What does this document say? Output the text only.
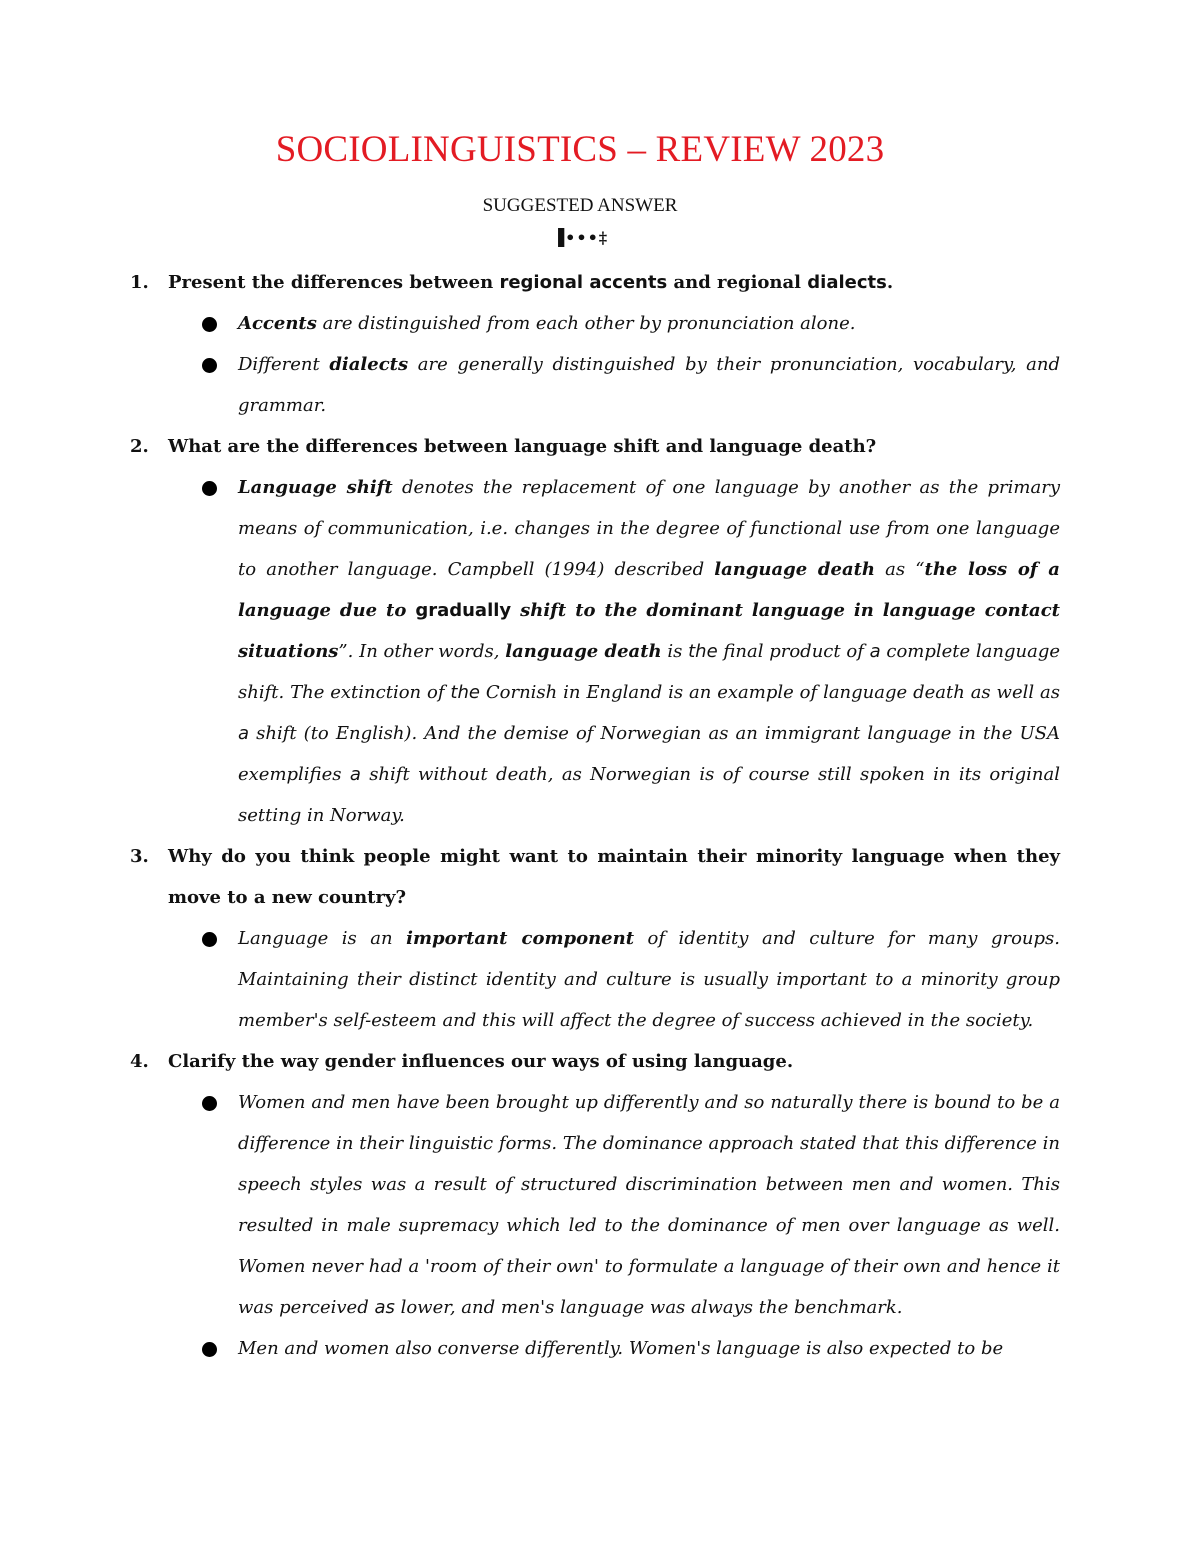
SOCIOLINGUISTICS – REVIEW 2023
SUGGESTED ANSWER
▐•••‡
1. Present the differences between regional accents and regional dialects.
Accents are distinguished from each other by pronunciation alone.
Different dialects are generally distinguished by their pronunciation, vocabulary, and grammar.
2. What are the differences between language shift and language death?
Language shift denotes the replacement of one language by another as the primary means of communication, i.e. changes in the degree of functional use from one language to another language. Campbell (1994) described language death as “the loss of a language due to gradually shift to the dominant language in language contact situations”. In other words, language death is the final product of a complete language shift. The extinction of the Cornish in England is an example of language death as well as a shift (to English). And the demise of Norwegian as an immigrant language in the USA exemplifies a shift without death, as Norwegian is of course still spoken in its original setting in Norway.
3. Why do you think people might want to maintain their minority language when they move to a new country?
Language is an important component of identity and culture for many groups. Maintaining their distinct identity and culture is usually important to a minority group member's self-esteem and this will affect the degree of success achieved in the society.
4. Clarify the way gender influences our ways of using language.
Women and men have been brought up differently and so naturally there is bound to be a difference in their linguistic forms. The dominance approach stated that this difference in speech styles was a result of structured discrimination between men and women. This resulted in male supremacy which led to the dominance of men over language as well. Women never had a 'room of their own' to formulate a language of their own and hence it was perceived as lower, and men's language was always the benchmark.
Men and women also converse differently. Women's language is also expected to be
